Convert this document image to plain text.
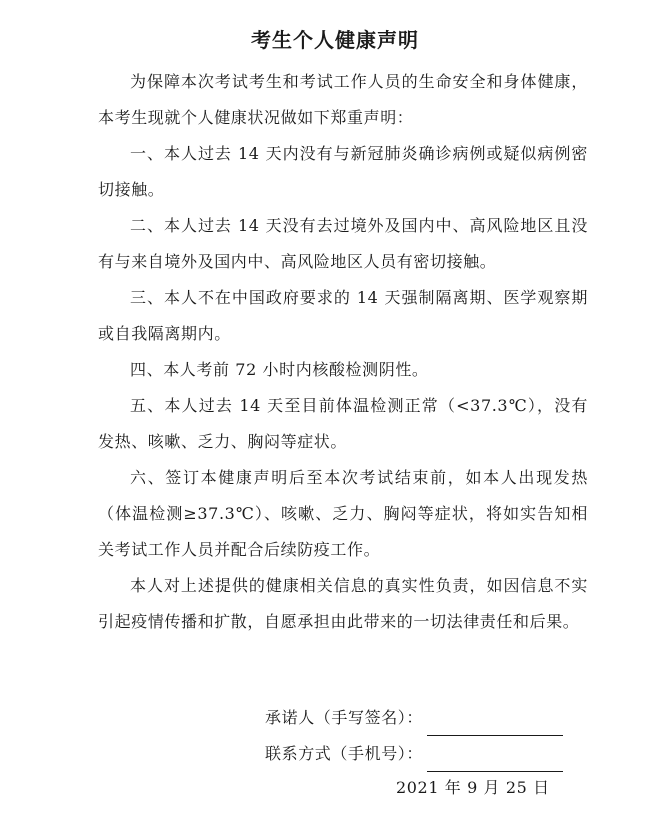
考生个人健康声明

为保障本次考试考生和考试工作人员的生命安全和身体健康，本考生现就个人健康状况做如下郑重声明：

一、本人过去 14 天内没有与新冠肺炎确诊病例或疑似病例密切接触。

二、本人过去 14 天没有去过境外及国内中、高风险地区且没有与来自境外及国内中、高风险地区人员有密切接触。

三、本人不在中国政府要求的 14 天强制隔离期、医学观察期或自我隔离期内。

四、本人考前 72 小时内核酸检测阴性。

五、本人过去 14 天至目前体温检测正常（<37.3℃），没有发热、咳嗽、乏力、胸闷等症状。

六、签订本健康声明后至本次考试结束前，如本人出现发热（体温检测≥37.3℃）、咳嗽、乏力、胸闷等症状，将如实告知相关考试工作人员并配合后续防疫工作。

本人对上述提供的健康相关信息的真实性负责，如因信息不实引起疫情传播和扩散，自愿承担由此带来的一切法律责任和后果。

承诺人（手写签名）：
联系方式（手机号）：
2021 年 9 月 25 日
